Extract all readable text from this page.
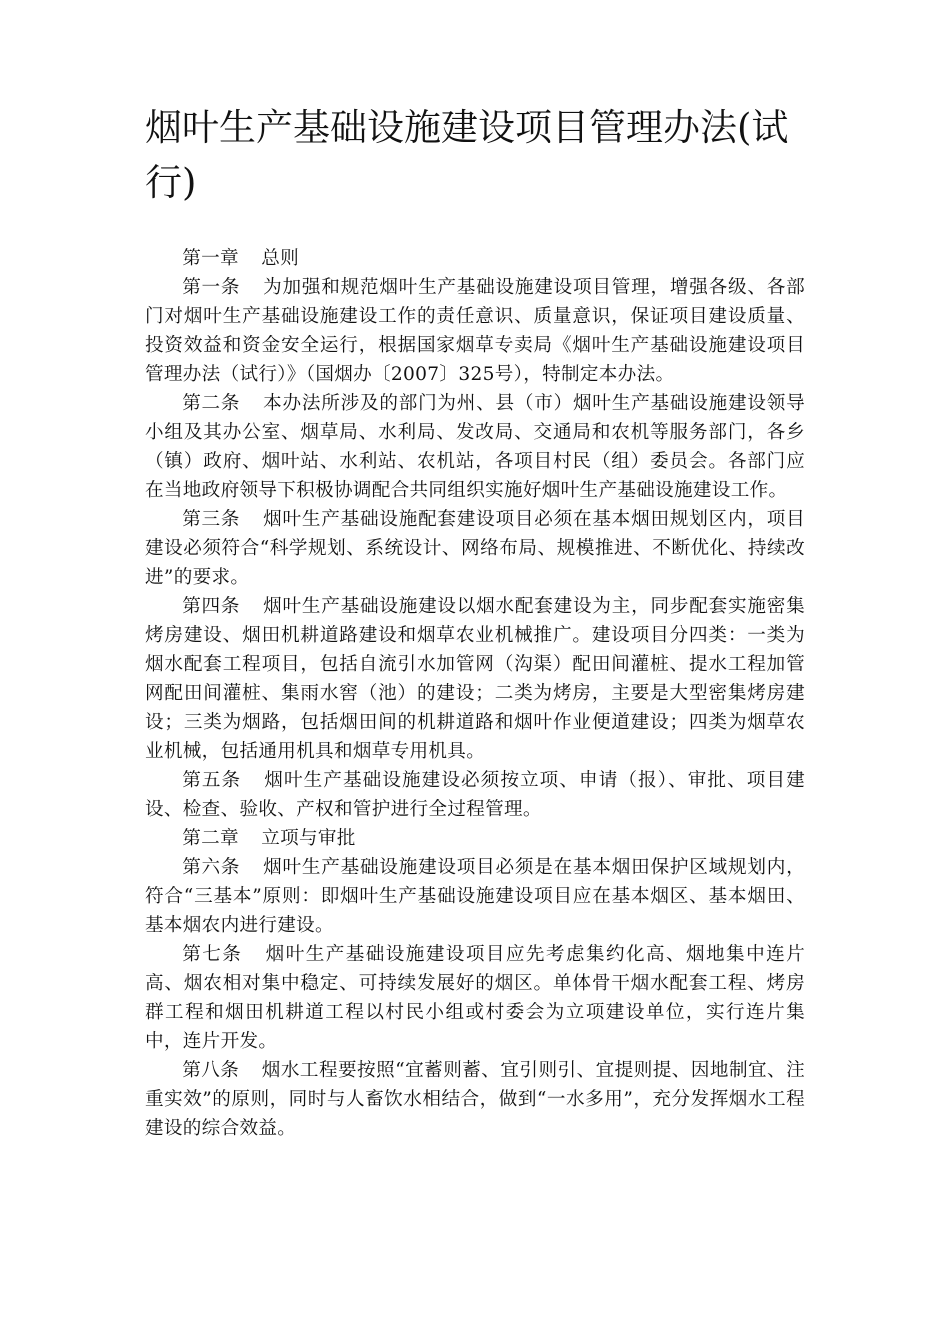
烟叶生产基础设施建设项目管理办法(试行)

第一章 总则

第一条 为加强和规范烟叶生产基础设施建设项目管理，增强各级、各部门对烟叶生产基础设施建设工作的责任意识、质量意识，保证项目建设质量、投资效益和资金安全运行，根据国家烟草专卖局《烟叶生产基础设施建设项目管理办法（试行）》（国烟办〔2007〕325号），特制定本办法。

第二条 本办法所涉及的部门为州、县（市）烟叶生产基础设施建设领导小组及其办公室、烟草局、水利局、发改局、交通局和农机等服务部门，各乡（镇）政府、烟叶站、水利站、农机站，各项目村民（组）委员会。各部门应在当地政府领导下积极协调配合共同组织实施好烟叶生产基础设施建设工作。

第三条 烟叶生产基础设施配套建设项目必须在基本烟田规划区内，项目建设必须符合“科学规划、系统设计、网络布局、规模推进、不断优化、持续改进”的要求。

第四条 烟叶生产基础设施建设以烟水配套建设为主，同步配套实施密集烤房建设、烟田机耕道路建设和烟草农业机械推广。建设项目分四类：一类为烟水配套工程项目，包括自流引水加管网（沟渠）配田间灌桩、提水工程加管网配田间灌桩、集雨水窖（池）的建设；二类为烤房，主要是大型密集烤房建设；三类为烟路，包括烟田间的机耕道路和烟叶作业便道建设；四类为烟草农业机械，包括通用机具和烟草专用机具。

第五条 烟叶生产基础设施建设必须按立项、申请（报）、审批、项目建设、检查、验收、产权和管护进行全过程管理。

第二章 立项与审批

第六条 烟叶生产基础设施建设项目必须是在基本烟田保护区域规划内，符合“三基本”原则：即烟叶生产基础设施建设项目应在基本烟区、基本烟田、基本烟农内进行建设。

第七条 烟叶生产基础设施建设项目应先考虑集约化高、烟地集中连片高、烟农相对集中稳定、可持续发展好的烟区。单体骨干烟水配套工程、烤房群工程和烟田机耕道工程以村民小组或村委会为立项建设单位，实行连片集中，连片开发。

第八条 烟水工程要按照“宜蓄则蓄、宜引则引、宜提则提、因地制宜、注重实效”的原则，同时与人畜饮水相结合，做到“一水多用”，充分发挥烟水工程建设的综合效益。
